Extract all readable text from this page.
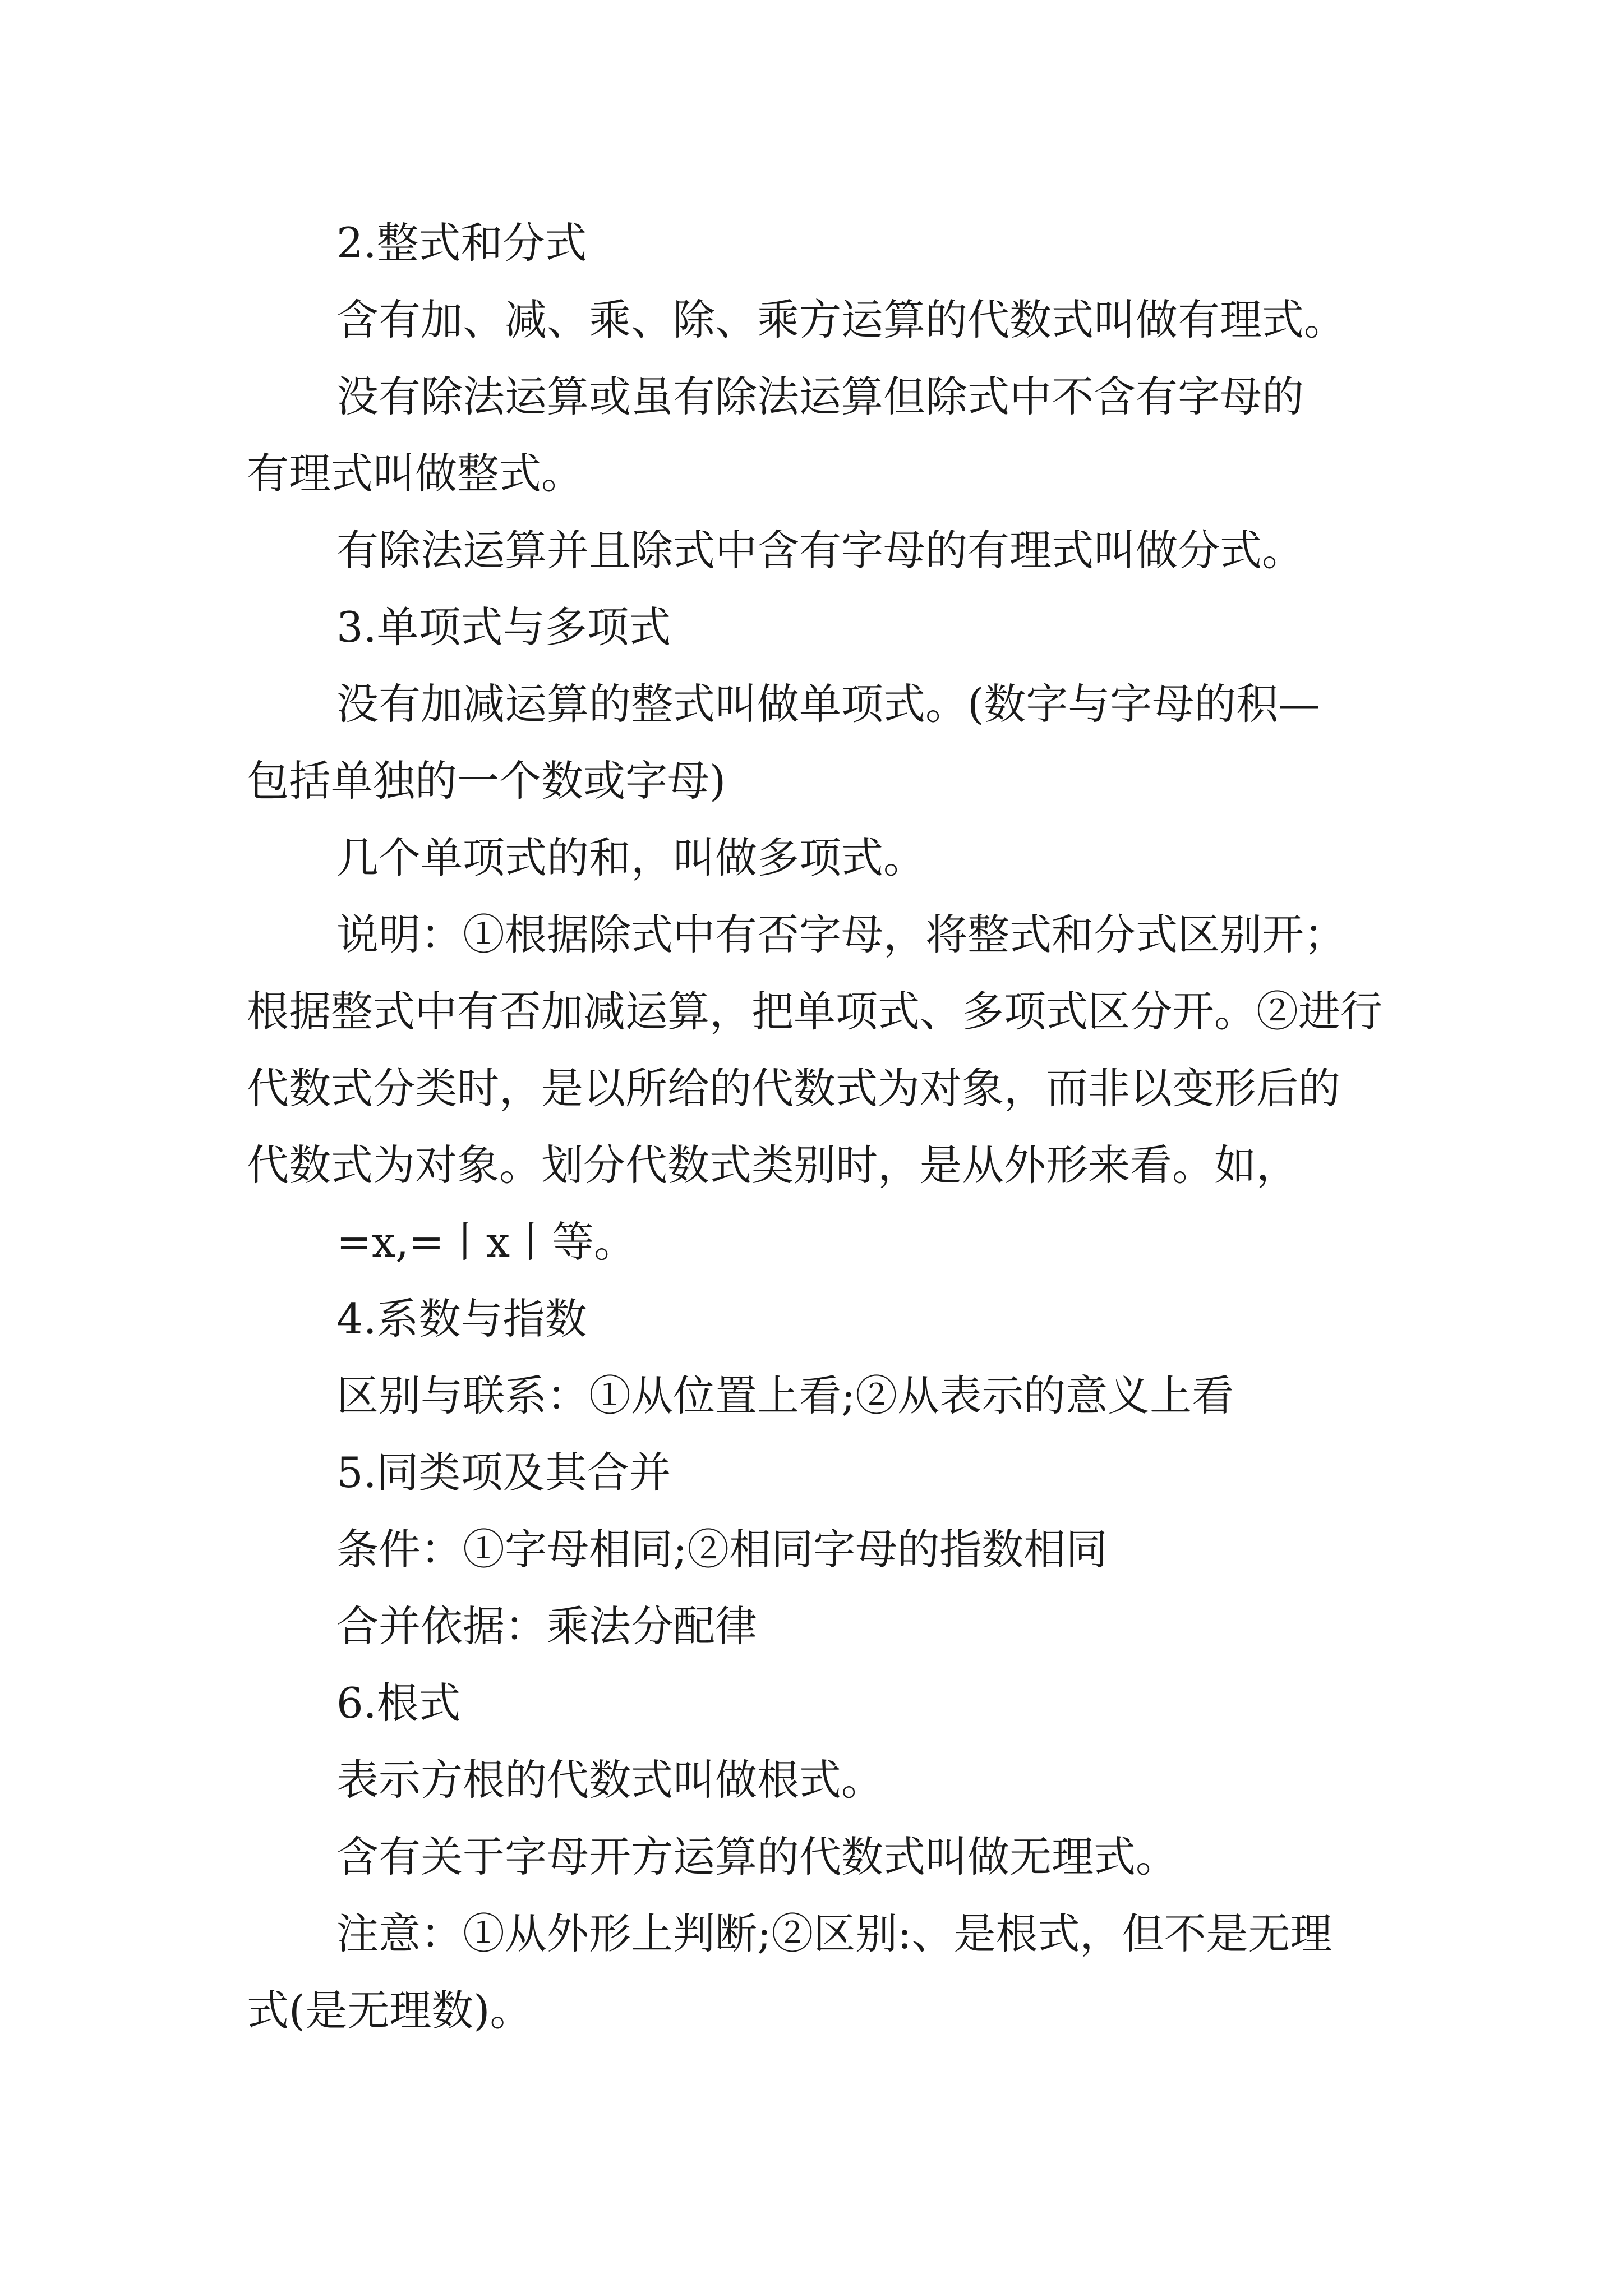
2.整式和分式

含有加、减、乘、除、乘方运算的代数式叫做有理式。

没有除法运算或虽有除法运算但除式中不含有字母的

有理式叫做整式。

有除法运算并且除式中含有字母的有理式叫做分式。

3.单项式与多项式

没有加减运算的整式叫做单项式。(数字与字母的积—

包括单独的一个数或字母)

几个单项式的和，叫做多项式。

说明：①根据除式中有否字母，将整式和分式区别开；

根据整式中有否加减运算，把单项式、多项式区分开。②进行

代数式分类时，是以所给的代数式为对象，而非以变形后的

代数式为对象。划分代数式类别时，是从外形来看。如，

=x,=丨x丨等。

4.系数与指数

区别与联系：①从位置上看;②从表示的意义上看

5.同类项及其合并

条件：①字母相同;②相同字母的指数相同

合并依据：乘法分配律

6.根式

表示方根的代数式叫做根式。

含有关于字母开方运算的代数式叫做无理式。

注意：①从外形上判断;②区别:、是根式，但不是无理

式(是无理数)。
